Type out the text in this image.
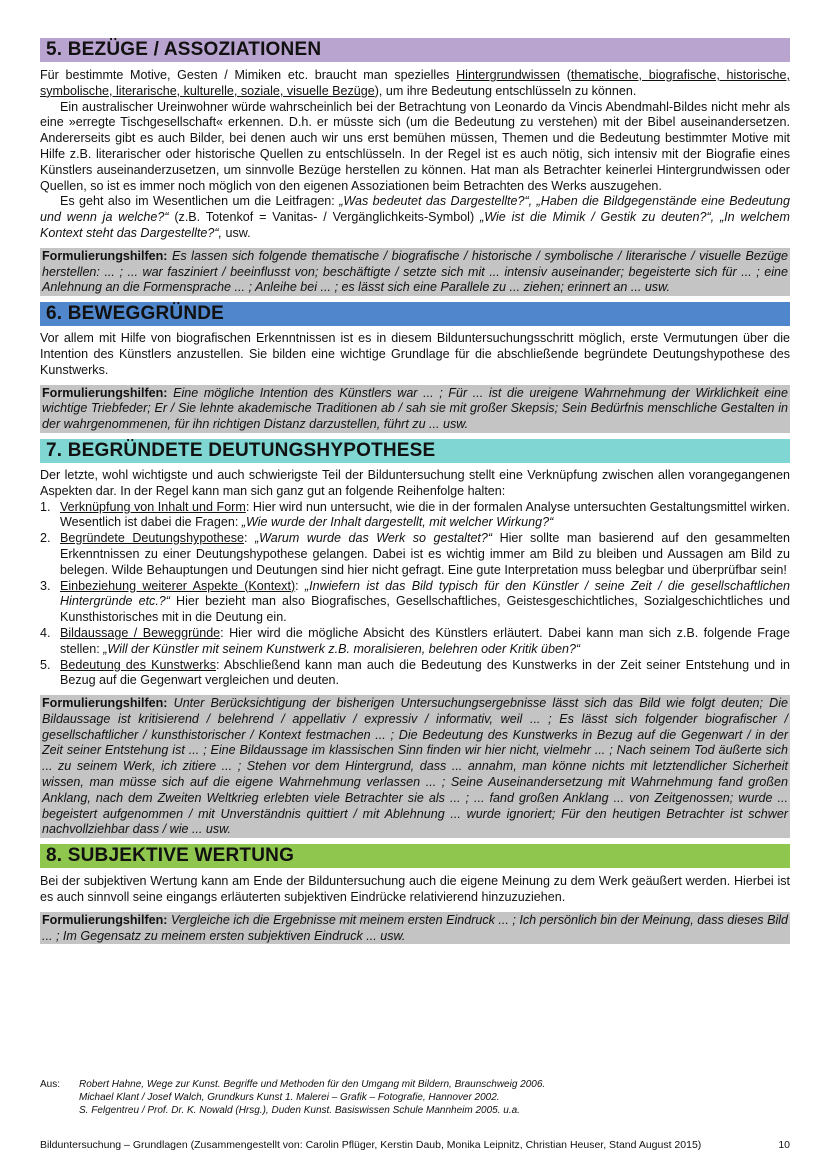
5. BEZÜGE / ASSOZIATIONEN

Für bestimmte Motive, Gesten / Mimiken etc. braucht man spezielles Hintergrundwissen (thematische, biografische, historische, symbolische, literarische, kulturelle, soziale, visuelle Bezüge), um ihre Bedeutung entschlüsseln zu können.

Ein australischer Ureinwohner würde wahrscheinlich bei der Betrachtung von Leonardo da Vincis Abendmahl-Bildes nicht mehr als eine »erregte Tischgesellschaft« erkennen. D.h. er müsste sich (um die Bedeutung zu verstehen) mit der Bibel auseinandersetzen. Andererseits gibt es auch Bilder, bei denen auch wir uns erst bemühen müssen, Themen und die Bedeutung bestimmter Motive mit Hilfe z.B. literarischer oder historische Quellen zu entschlüsseln. In der Regel ist es auch nötig, sich intensiv mit der Biografie eines Künstlers auseinanderzusetzen, um sinnvolle Bezüge herstellen zu können. Hat man als Betrachter keinerlei Hintergrundwissen oder Quellen, so ist es immer noch möglich von den eigenen Assoziationen beim Betrachten des Werks auszugehen.

Es geht also im Wesentlichen um die Leitfragen: „Was bedeutet das Dargestellte?“, „Haben die Bildgegenstände eine Bedeutung und wenn ja welche?“ (z.B. Totenkof = Vanitas- / Vergänglichkeits-Symbol) „Wie ist die Mimik / Gestik zu deuten?“, „In welchem Kontext steht das Dargestellte?“, usw.

Formulierungshilfen: Es lassen sich folgende thematische / biografische / historische / symbolische / literarische / visuelle Bezüge herstellen: ... ; ... war fasziniert / beeinflusst von; beschäftigte / setzte sich mit ... intensiv auseinander; begeisterte sich für ... ; eine Anlehnung an die Formensprache ... ; Anleihe bei ... ; es lässt sich eine Parallele zu ... ziehen; erinnert an ... usw.
6. BEWEGGRÜNDE

Vor allem mit Hilfe von biografischen Erkenntnissen ist es in diesem Bilduntersuchungsschritt möglich, erste Vermutungen über die Intention des Künstlers anzustellen. Sie bilden eine wichtige Grundlage für die abschließende begründete Deutungshypothese des Kunstwerks.

Formulierungshilfen: Eine mögliche Intention des Künstlers war ... ; Für ... ist die ureigene Wahrnehmung der Wirklichkeit eine wichtige Triebfeder; Er / Sie lehnte akademische Traditionen ab / sah sie mit großer Skepsis; Sein Bedürfnis menschliche Gestalten in der wahrgenommenen, für ihn richtigen Distanz darzustellen, führt zu ... usw.
7. BEGRÜNDETE DEUTUNGSHYPOTHESE

Der letzte, wohl wichtigste und auch schwierigste Teil der Bilduntersuchung stellt eine Verknüpfung zwischen allen vorangegangenen Aspekten dar. In der Regel kann man sich ganz gut an folgende Reihenfolge halten:

1. Verknüpfung von Inhalt und Form: Hier wird nun untersucht, wie die in der formalen Analyse untersuchten Gestaltungsmittel wirken. Wesentlich ist dabei die Fragen: „Wie wurde der Inhalt dargestellt, mit welcher Wirkung?“
2. Begründete Deutungshypothese: „Warum wurde das Werk so gestaltet?“ Hier sollte man basierend auf den gesammelten Erkenntnissen zu einer Deutungshypothese gelangen. Dabei ist es wichtig immer am Bild zu bleiben und Aussagen am Bild zu belegen. Wilde Behauptungen und Deutungen sind hier nicht gefragt. Eine gute Interpretation muss belegbar und überprüfbar sein!
3. Einbeziehung weiterer Aspekte (Kontext): „Inwiefern ist das Bild typisch für den Künstler / seine Zeit / die gesellschaftlichen Hintergründe etc.?“ Hier bezieht man also Biografisches, Gesellschaftliches, Geistesgeschichtliches, Sozialgeschichtliches und Kunsthistorisches mit in die Deutung ein.
4. Bildaussage / Beweggründe: Hier wird die mögliche Absicht des Künstlers erläutert. Dabei kann man sich z.B. folgende Frage stellen: „Will der Künstler mit seinem Kunstwerk z.B. moralisieren, belehren oder Kritik üben?“
5. Bedeutung des Kunstwerks: Abschließend kann man auch die Bedeutung des Kunstwerks in der Zeit seiner Entstehung und in Bezug auf die Gegenwart vergleichen und deuten.
Formulierungshilfen: Unter Berücksichtigung der bisherigen Untersuchungsergebnisse lässt sich das Bild wie folgt deuten; Die Bildaussage ist kritisierend / belehrend / appellativ / expressiv / informativ, weil ... ; Es lässt sich folgender biografischer / gesellschaftlicher / kunsthistorischer / Kontext festmachen ... ; Die Bedeutung des Kunstwerks in Bezug auf die Gegenwart / in der Zeit seiner Entstehung ist ... ; Eine Bildaussage im klassischen Sinn finden wir hier nicht, vielmehr ... ; Nach seinem Tod äußerte sich ... zu seinem Werk, ich zitiere ... ; Stehen vor dem Hintergrund, dass ... annahm, man könne nichts mit letztendlicher Sicherheit wissen, man müsse sich auf die eigene Wahrnehmung verlassen ... ; Seine Auseinandersetzung mit Wahrnehmung fand großen Anklang, nach dem Zweiten Weltkrieg erlebten viele Betrachter sie als ... ; ... fand großen Anklang ... von Zeitgenossen; wurde ... begeistert aufgenommen / mit Unverständnis quittiert / mit Ablehnung ... wurde ignoriert; Für den heutigen Betrachter ist schwer nachvollziehbar dass / wie ... usw.
8. SUBJEKTIVE WERTUNG

Bei der subjektiven Wertung kann am Ende der Bilduntersuchung auch die eigene Meinung zu dem Werk geäußert werden. Hierbei ist es auch sinnvoll seine eingangs erläuterten subjektiven Eindrücke relativierend hinzuzuziehen.

Formulierungshilfen: Vergleiche ich die Ergebnisse mit meinem ersten Eindruck ... ; Ich persönlich bin der Meinung, dass dieses Bild ... ; Im Gegensatz zu meinem ersten subjektiven Eindruck ... usw.
Aus: Robert Hahne, Wege zur Kunst. Begriffe und Methoden für den Umgang mit Bildern, Braunschweig 2006.
Michael Klant / Josef Walch, Grundkurs Kunst 1. Malerei – Grafik – Fotografie, Hannover 2002.
S. Felgentreu / Prof. Dr. K. Nowald (Hrsg.), Duden Kunst. Basiswissen Schule Mannheim 2005. u.a.
Bilduntersuchung – Grundlagen (Zusammengestellt von: Carolin Pflüger, Kerstin Daub, Monika Leipnitz, Christian Heuser, Stand August 2015)	10
